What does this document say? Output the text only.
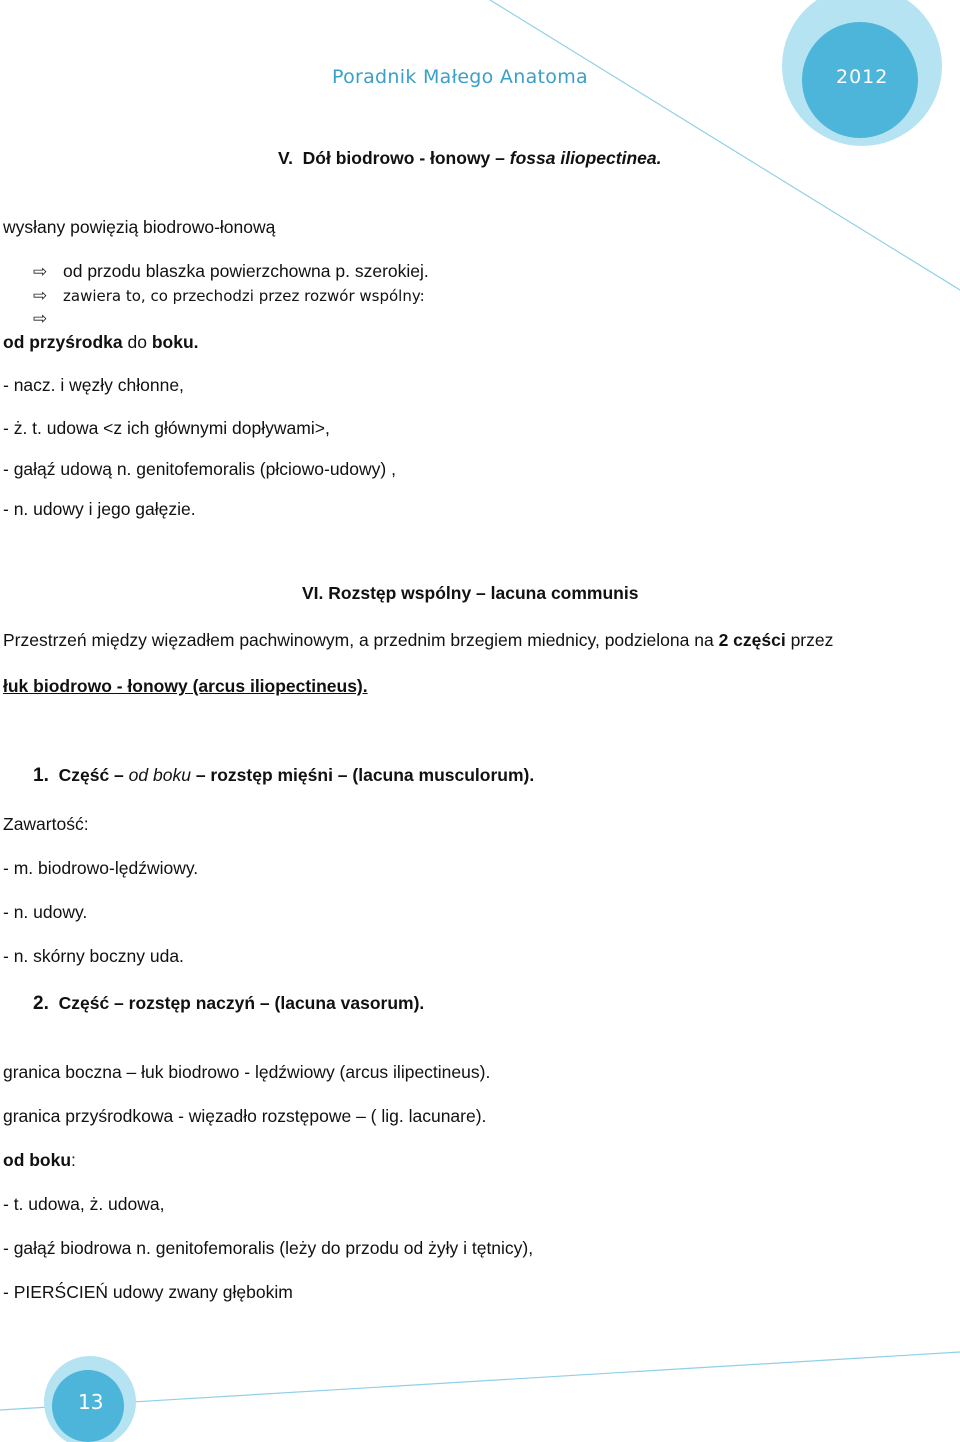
Poradnik Małego Anatoma	2012
V. Dół biodrowo - łonowy – fossa iliopectinea.
wysłany powięzią biodrowo-łonową
⇨ od przodu blaszka powierzchowna p. szerokiej.
⇨ zawiera to, co przechodzi przez rozwór wspólny:
⇨
od przyśrodka do boku.
- nacz. i węzły chłonne,
- ż. t. udowa <z ich głównymi dopływami>,
- gałąź udową n. genitofemoralis (płciowo-udowy) ,
- n. udowy i jego gałęzie.
VI. Rozstęp wspólny – lacuna communis
Przestrzeń między więzadłem pachwinowym, a przednim brzegiem miednicy, podzielona na 2 części przez
łuk biodrowo - łonowy (arcus iliopectineus).
1. Część – od boku – rozstęp mięśni – (lacuna musculorum).
Zawartość:
- m. biodrowo-lędźwiowy.
- n. udowy.
- n. skórny boczny uda.
2. Część – rozstęp naczyń – (lacuna vasorum).
granica boczna – łuk biodrowo - lędźwiowy (arcus ilipectineus).
granica przyśrodkowa - więzadło rozstępowe – ( lig. lacunare).
od boku:
- t. udowa, ż. udowa,
- gałąź biodrowa n. genitofemoralis (leży do przodu od żyły i tętnicy),
- PIERŚCIEŃ udowy zwany głębokim
13
